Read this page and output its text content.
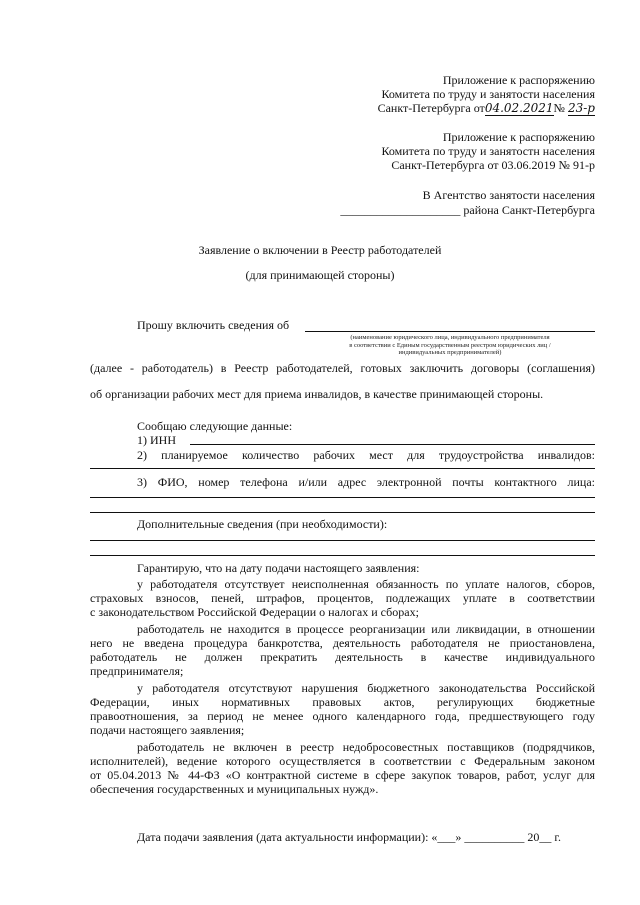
Приложение к распоряжению
Комитета по труду и занятости населения
Санкт-Петербурга от04.02.2021№ 23-р
Приложение к распоряжению
Комитета по труду и занятостн населения
Санкт-Петербурга от 03.06.2019 № 91-р
В Агентство занятости населения
____________________ района Санкт-Петербурга
Заявление о включении в Реестр работодателей
(для принимающей стороны)
Прошу включить сведения об
(наименование юридического лица, индивидуального предпринимателя
в соответствии с Единым государственным реестром юридических лиц /
индивидуальных предпринимателей)
(далее - работодатель) в Реестр работодателей, готовых заключить договоры (соглашения)
об организации рабочих мест для приема инвалидов, в качестве принимающей стороны.
Сообщаю следующие данные:
1) ИНН
2) планируемое количество рабочих мест для трудоустройства инвалидов:
3) ФИО, номер телефона и/или адрес электронной почты контактного лица:
Дополнительные сведения (при необходимости):
Гарантирую, что на дату подачи настоящего заявления:
у работодателя отсутствует неисполненная обязанность по уплате налогов, сборов,
страховых взносов, пеней, штрафов, процентов, подлежащих уплате в соответствии
с законодательством Российской Федерации о налогах и сборах;
работодатель не находится в процессе реорганизации или ликвидации, в отношении
него не введена процедура банкротства, деятельность работодателя не приостановлена,
работодатель не должен прекратить деятельность в качестве индивидуального
предпринимателя;
у работодателя отсутствуют нарушения бюджетного законодательства Российской
Федерации, иных нормативных правовых актов, регулирующих бюджетные
правоотношения, за период не менее одного календарного года, предшествующего году
подачи настоящего заявления;
работодатель не включен в реестр недобросовестных поставщиков (подрядчиков,
исполнителей), ведение которого осуществляется в соответствии с Федеральным законом
от 05.04.2013 № 44-ФЗ «О контрактной системе в сфере закупок товаров, работ, услуг для
обеспечения государственных и муниципальных нужд».
Дата подачи заявления (дата актуальности информации): «___» __________ 20__ г.
